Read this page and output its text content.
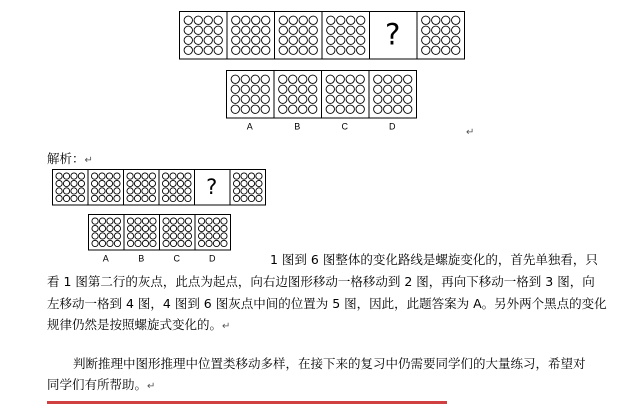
?
A	B	C	D
↵
解析：↵
?
A	B	C	D	1 图到 6 图整体的变化路线是螺旋变化的，首先单独看，只
看 1 图第二行的灰点，此点为起点，向右边图形移动一格移动到 2 图，再向下移动一格到 3 图，向
左移动一格到 4 图，4 图到 6 图灰点中间的位置为 5 图，因此，此题答案为 A。另外两个黑点的变化
规律仍然是按照螺旋式变化的。↵
判断推理中图形推理中位置类移动多样，在接下来的复习中仍需要同学们的大量练习，希望对
同学们有所帮助。↵
